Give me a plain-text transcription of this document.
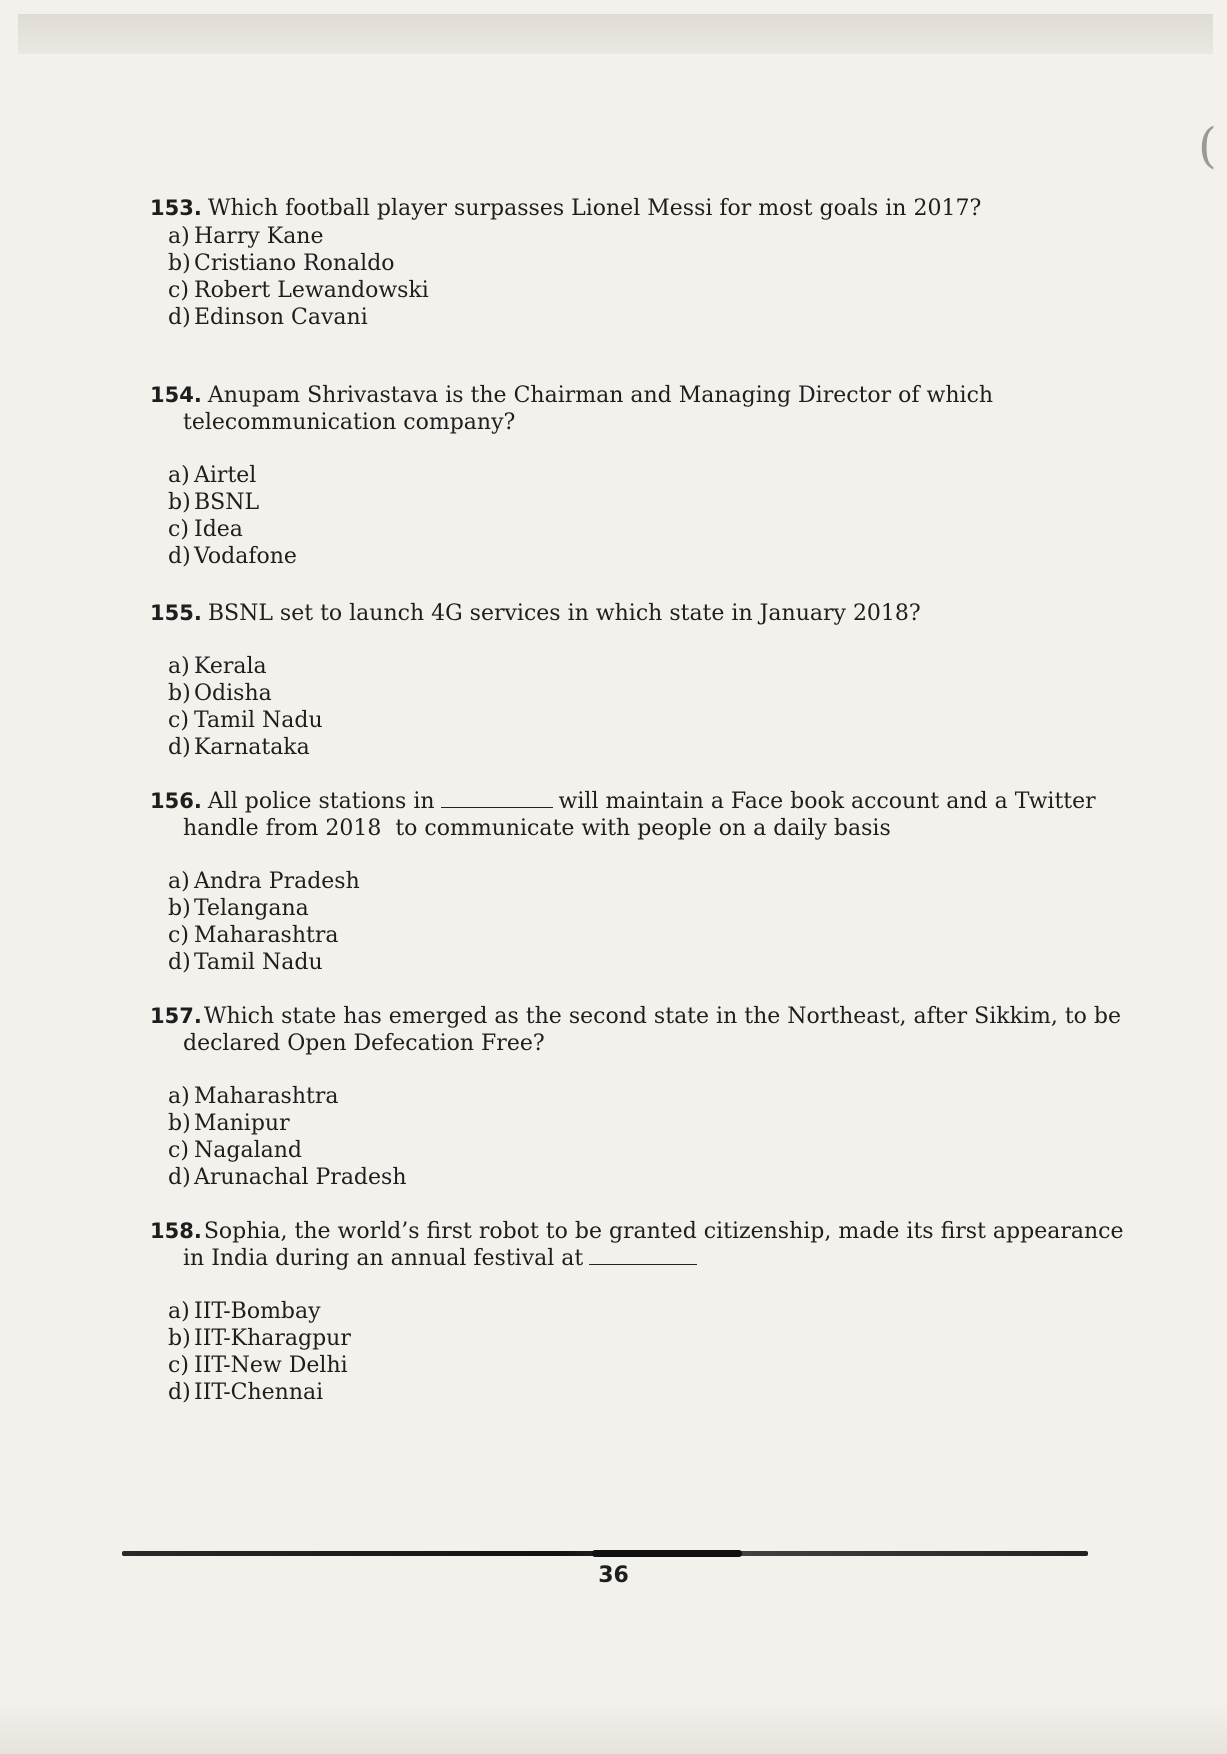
(
153. Which football player surpasses Lionel Messi for most goals in 2017?
a) Harry Kane
b) Cristiano Ronaldo
c) Robert Lewandowski
d) Edinson Cavani
154. Anupam Shrivastava is the Chairman and Managing Director of which
telecommunication company?
a) Airtel
b) BSNL
c) Idea
d) Vodafone
155. BSNL set to launch 4G services in which state in January 2018?
a) Kerala
b) Odisha
c) Tamil Nadu
d) Karnataka
156. All police stations in	will maintain a Face book account and a Twitter
handle from 2018  to communicate with people on a daily basis
a) Andra Pradesh
b) Telangana
c) Maharashtra
d) Tamil Nadu
157. Which state has emerged as the second state in the Northeast, after Sikkim, to be
declared Open Defecation Free?
a) Maharashtra
b) Manipur
c) Nagaland
d) Arunachal Pradesh
158. Sophia, the world’s first robot to be granted citizenship, made its first appearance
in India during an annual festival at
a) IIT-Bombay
b) IIT-Kharagpur
c) IIT-New Delhi
d) IIT-Chennai
36
